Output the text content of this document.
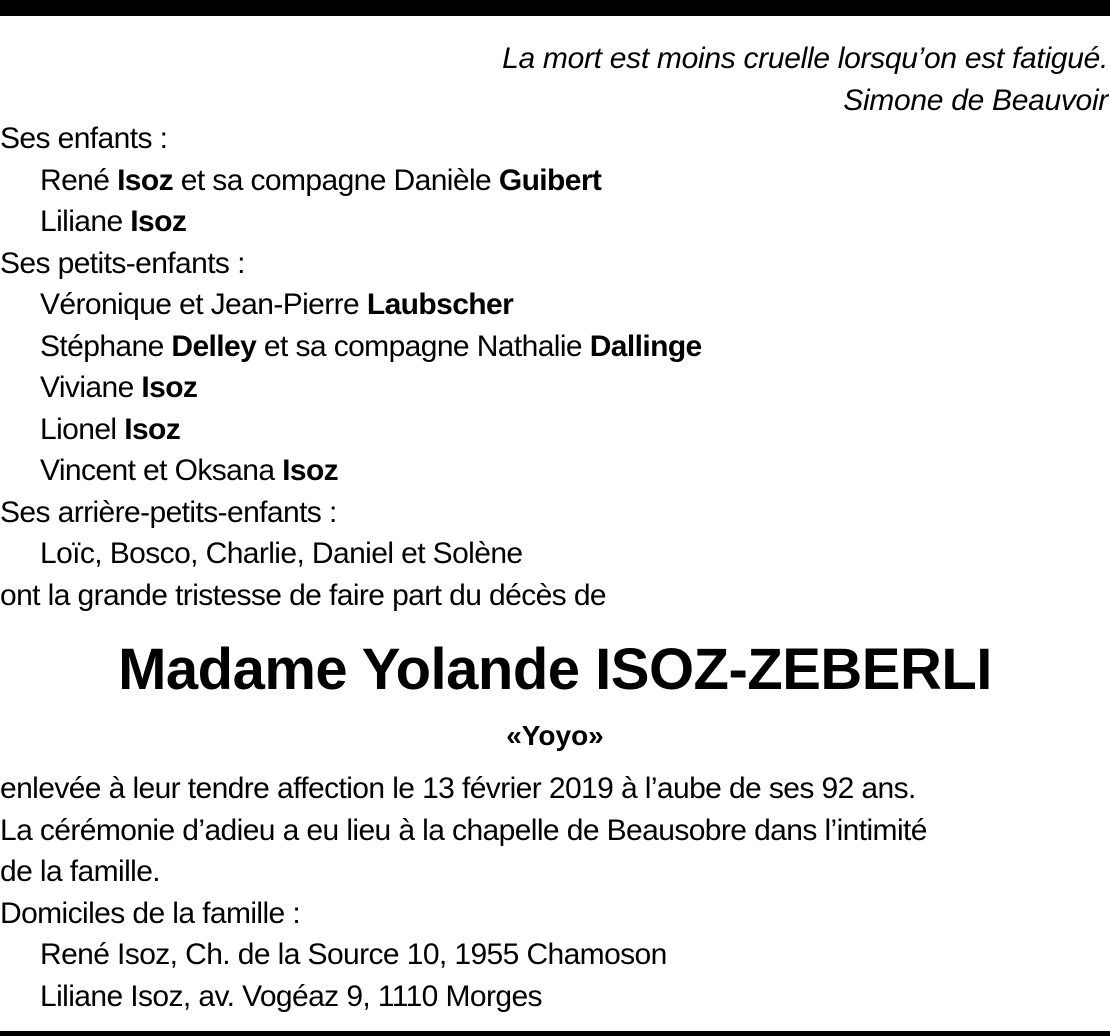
La mort est moins cruelle lorsqu’on est fatigué.
Simone de Beauvoir
Ses enfants :
René Isoz et sa compagne Danièle Guibert
Liliane Isoz
Ses petits-enfants :
Véronique et Jean-Pierre Laubscher
Stéphane Delley et sa compagne Nathalie Dallinge
Viviane Isoz
Lionel Isoz
Vincent et Oksana Isoz
Ses arrière-petits-enfants :
Loïc, Bosco, Charlie, Daniel et Solène
ont la grande tristesse de faire part du décès de
Madame Yolande ISOZ-ZEBERLI
«Yoyo»
enlevée à leur tendre affection le 13 février 2019 à l’aube de ses 92 ans.
La cérémonie d’adieu a eu lieu à la chapelle de Beausobre dans l’intimité
de la famille.
Domiciles de la famille :
René Isoz, Ch. de la Source 10, 1955 Chamoson
Liliane Isoz, av. Vogéaz 9, 1110 Morges
